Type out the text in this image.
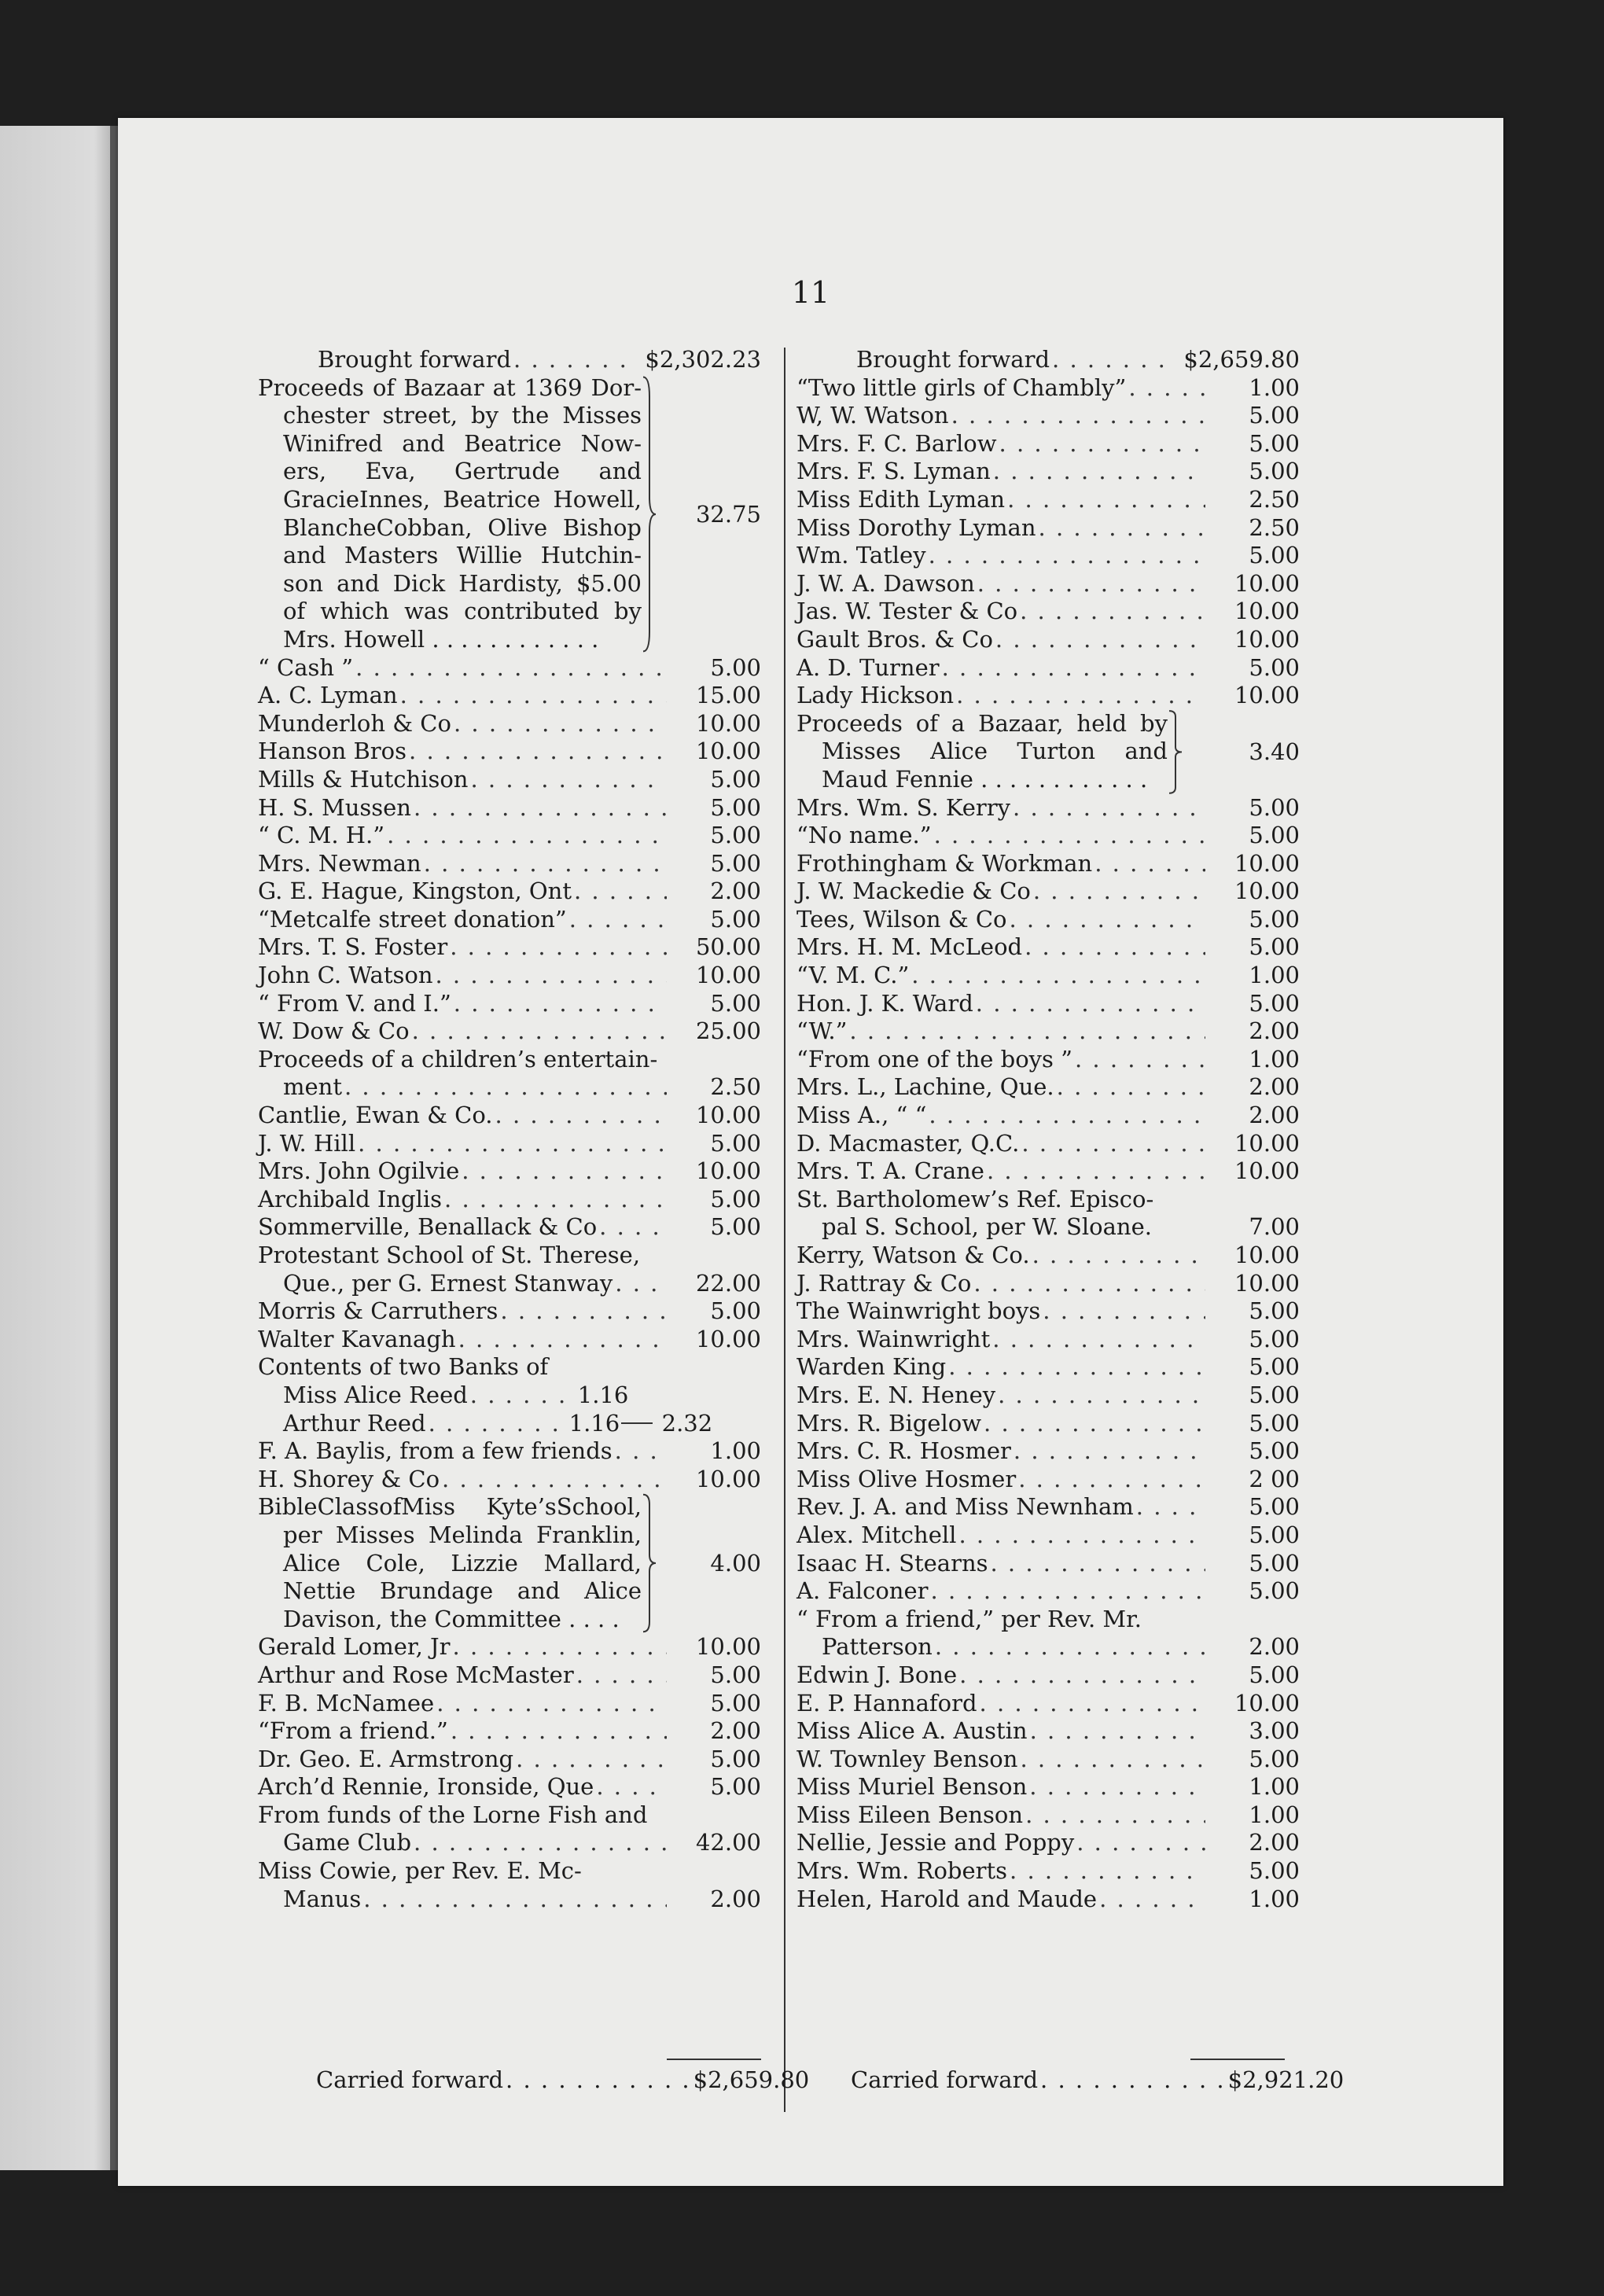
11
Brought forward . . .	$2,302.23
Proceeds of Bazaar at 1369 Dor-
chester street, by the Misses
Winifred and Beatrice Now-
ers, Eva, Gertrude and
GracieInnes, Beatrice Howell,
BlancheCobban, Olive Bishop
and Masters Willie Hutchin-
son and Dick Hardisty, $5.00
of which was contributed by
Mrs. Howell . . . . . . . . . . . .
32.75
“ Cash ” . . .	5.00
A. C. Lyman . . .	15.00
Munderloh & Co . . .	10.00
Hanson Bros . . .	10.00
Mills & Hutchison . . .	5.00
H. S. Mussen . . .	5.00
“ C. M. H.” . . .	5.00
Mrs. Newman . . .	5.00
G. E. Hague, Kingston, Ont . . .	2.00
“Metcalfe street donation” . . .	5.00
Mrs. T. S. Foster . . .	50.00
John C. Watson . . .	10.00
“ From V. and I.” . . .	5.00
W. Dow & Co . . .	25.00
Proceeds of a children’s entertain-
ment . . .	2.50
Cantlie, Ewan & Co. . . .	10.00
J. W. Hill . . .	5.00
Mrs. John Ogilvie . . .	10.00
Archibald Inglis . . .	5.00
Sommerville, Benallack & Co . . .	5.00
Protestant School of St. Therese,
Que., per G. Ernest Stanway . . .	22.00
Morris & Carruthers . . .	5.00
Walter Kavanagh . . .	10.00
Contents of two Banks of
Miss Alice Reed . . .	1.16
Arthur Reed . . .	1.16	2.32
F. A. Baylis, from a few friends . . .	1.00
H. Shorey & Co . . .	10.00
BibleClassofMiss Kyte’sSchool,
per Misses Melinda Franklin,
Alice Cole, Lizzie Mallard,
Nettie Brundage and Alice
Davison, the Committee . . . .
4.00
Gerald Lomer, Jr . . .	10.00
Arthur and Rose McMaster . . .	5.00
F. B. McNamee . . .	5.00
“From a friend.” . . .	2.00
Dr. Geo. E. Armstrong . . .	5.00
Arch’d Rennie, Ironside, Que . . .	5.00
From funds of the Lorne Fish and
Game Club . . .	42.00
Miss Cowie, per Rev. E. Mc-
Manus . . .	2.00
Carried forward . . . . . . . . . . . $2,659.80
Brought forward . . .	$2,659.80
“Two little girls of Chambly” . . .	1.00
W, W. Watson . . .	5.00
Mrs. F. C. Barlow . . .	5.00
Mrs. F. S. Lyman . . .	5.00
Miss Edith Lyman . . .	2.50
Miss Dorothy Lyman . . .	2.50
Wm. Tatley . . .	5.00
J. W. A. Dawson . . .	10.00
Jas. W. Tester & Co . . .	10.00
Gault Bros. & Co . . .	10.00
A. D. Turner . . .	5.00
Lady Hickson . . .	10.00
Proceeds of a Bazaar, held by
Misses Alice Turton and
Maud Fennie . . . . . . . . . . . .
3.40
Mrs. Wm. S. Kerry . . .	5.00
“No name.” . . .	5.00
Frothingham & Workman . . .	10.00
J. W. Mackedie & Co . . .	10.00
Tees, Wilson & Co . . .	5.00
Mrs. H. M. McLeod . . .	5.00
“V. M. C.” . . .	1.00
Hon. J. K. Ward . . .	5.00
“W.” . . .	2.00
“From one of the boys ” . . .	1.00
Mrs. L., Lachine, Que. . . .	2.00
Miss A., “ “ . . .	2.00
D. Macmaster, Q.C. . . .	10.00
Mrs. T. A. Crane . . .	10.00
St. Bartholomew’s Ref. Episco-
pal S. School, per W. Sloane.	7.00
Kerry, Watson & Co. . . .	10.00
J. Rattray & Co . . .	10.00
The Wainwright boys . . .	5.00
Mrs. Wainwright . . .	5.00
Warden King . . .	5.00
Mrs. E. N. Heney . . .	5.00
Mrs. R. Bigelow . . .	5.00
Mrs. C. R. Hosmer . . .	5.00
Miss Olive Hosmer . . .	2 00
Rev. J. A. and Miss Newnham . . .	5.00
Alex. Mitchell . . .	5.00
Isaac H. Stearns . . .	5.00
A. Falconer . . .	5.00
“ From a friend,” per Rev. Mr.
Patterson . . .	2.00
Edwin J. Bone . . .	5.00
E. P. Hannaford . . .	10.00
Miss Alice A. Austin . . .	3.00
W. Townley Benson . . .	5.00
Miss Muriel Benson . . .	1.00
Miss Eileen Benson . . .	1.00
Nellie, Jessie and Poppy . . .	2.00
Mrs. Wm. Roberts . . .	5.00
Helen, Harold and Maude . . .	1.00
Carried forward . . . . . . . . . . . $2,921.20
